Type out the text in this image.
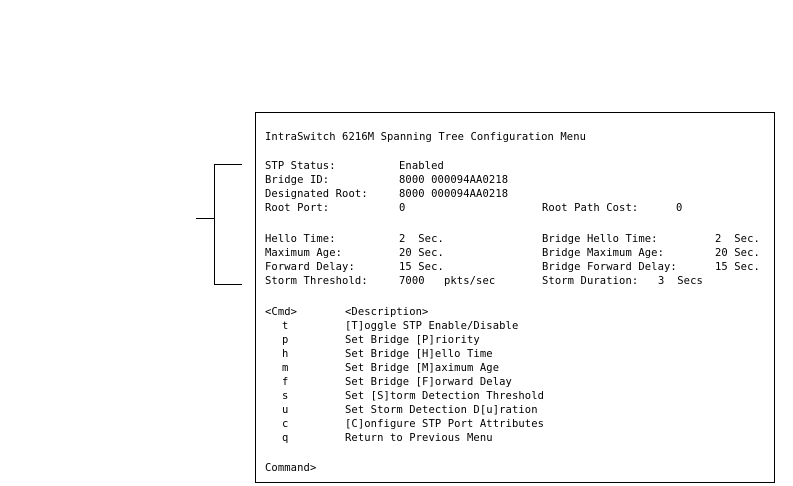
IntraSwitch 6216M Spanning Tree Configuration Menu
STP Status:	Enabled
Bridge ID:	8000 000094AA0218
Designated Root:	8000 000094AA0218
Root Port:	0	Root Path Cost:	0
Hello Time:	2  Sec.	Bridge Hello Time:	2  Sec.
Maximum Age:	20 Sec.	Bridge Maximum Age:	20 Sec.
Forward Delay:	15 Sec.	Bridge Forward Delay:	15 Sec.
Storm Threshold:	7000   pkts/sec	Storm Duration: 3  Secs
<Cmd>	<Description>
t	[T]oggle STP Enable/Disable
p	Set Bridge [P]riority
h	Set Bridge [H]ello Time
m	Set Bridge [M]aximum Age
f	Set Bridge [F]orward Delay
s	Set [S]torm Detection Threshold
u	Set Storm Detection D[u]ration
c	[C]onfigure STP Port Attributes
q	Return to Previous Menu
Command>
